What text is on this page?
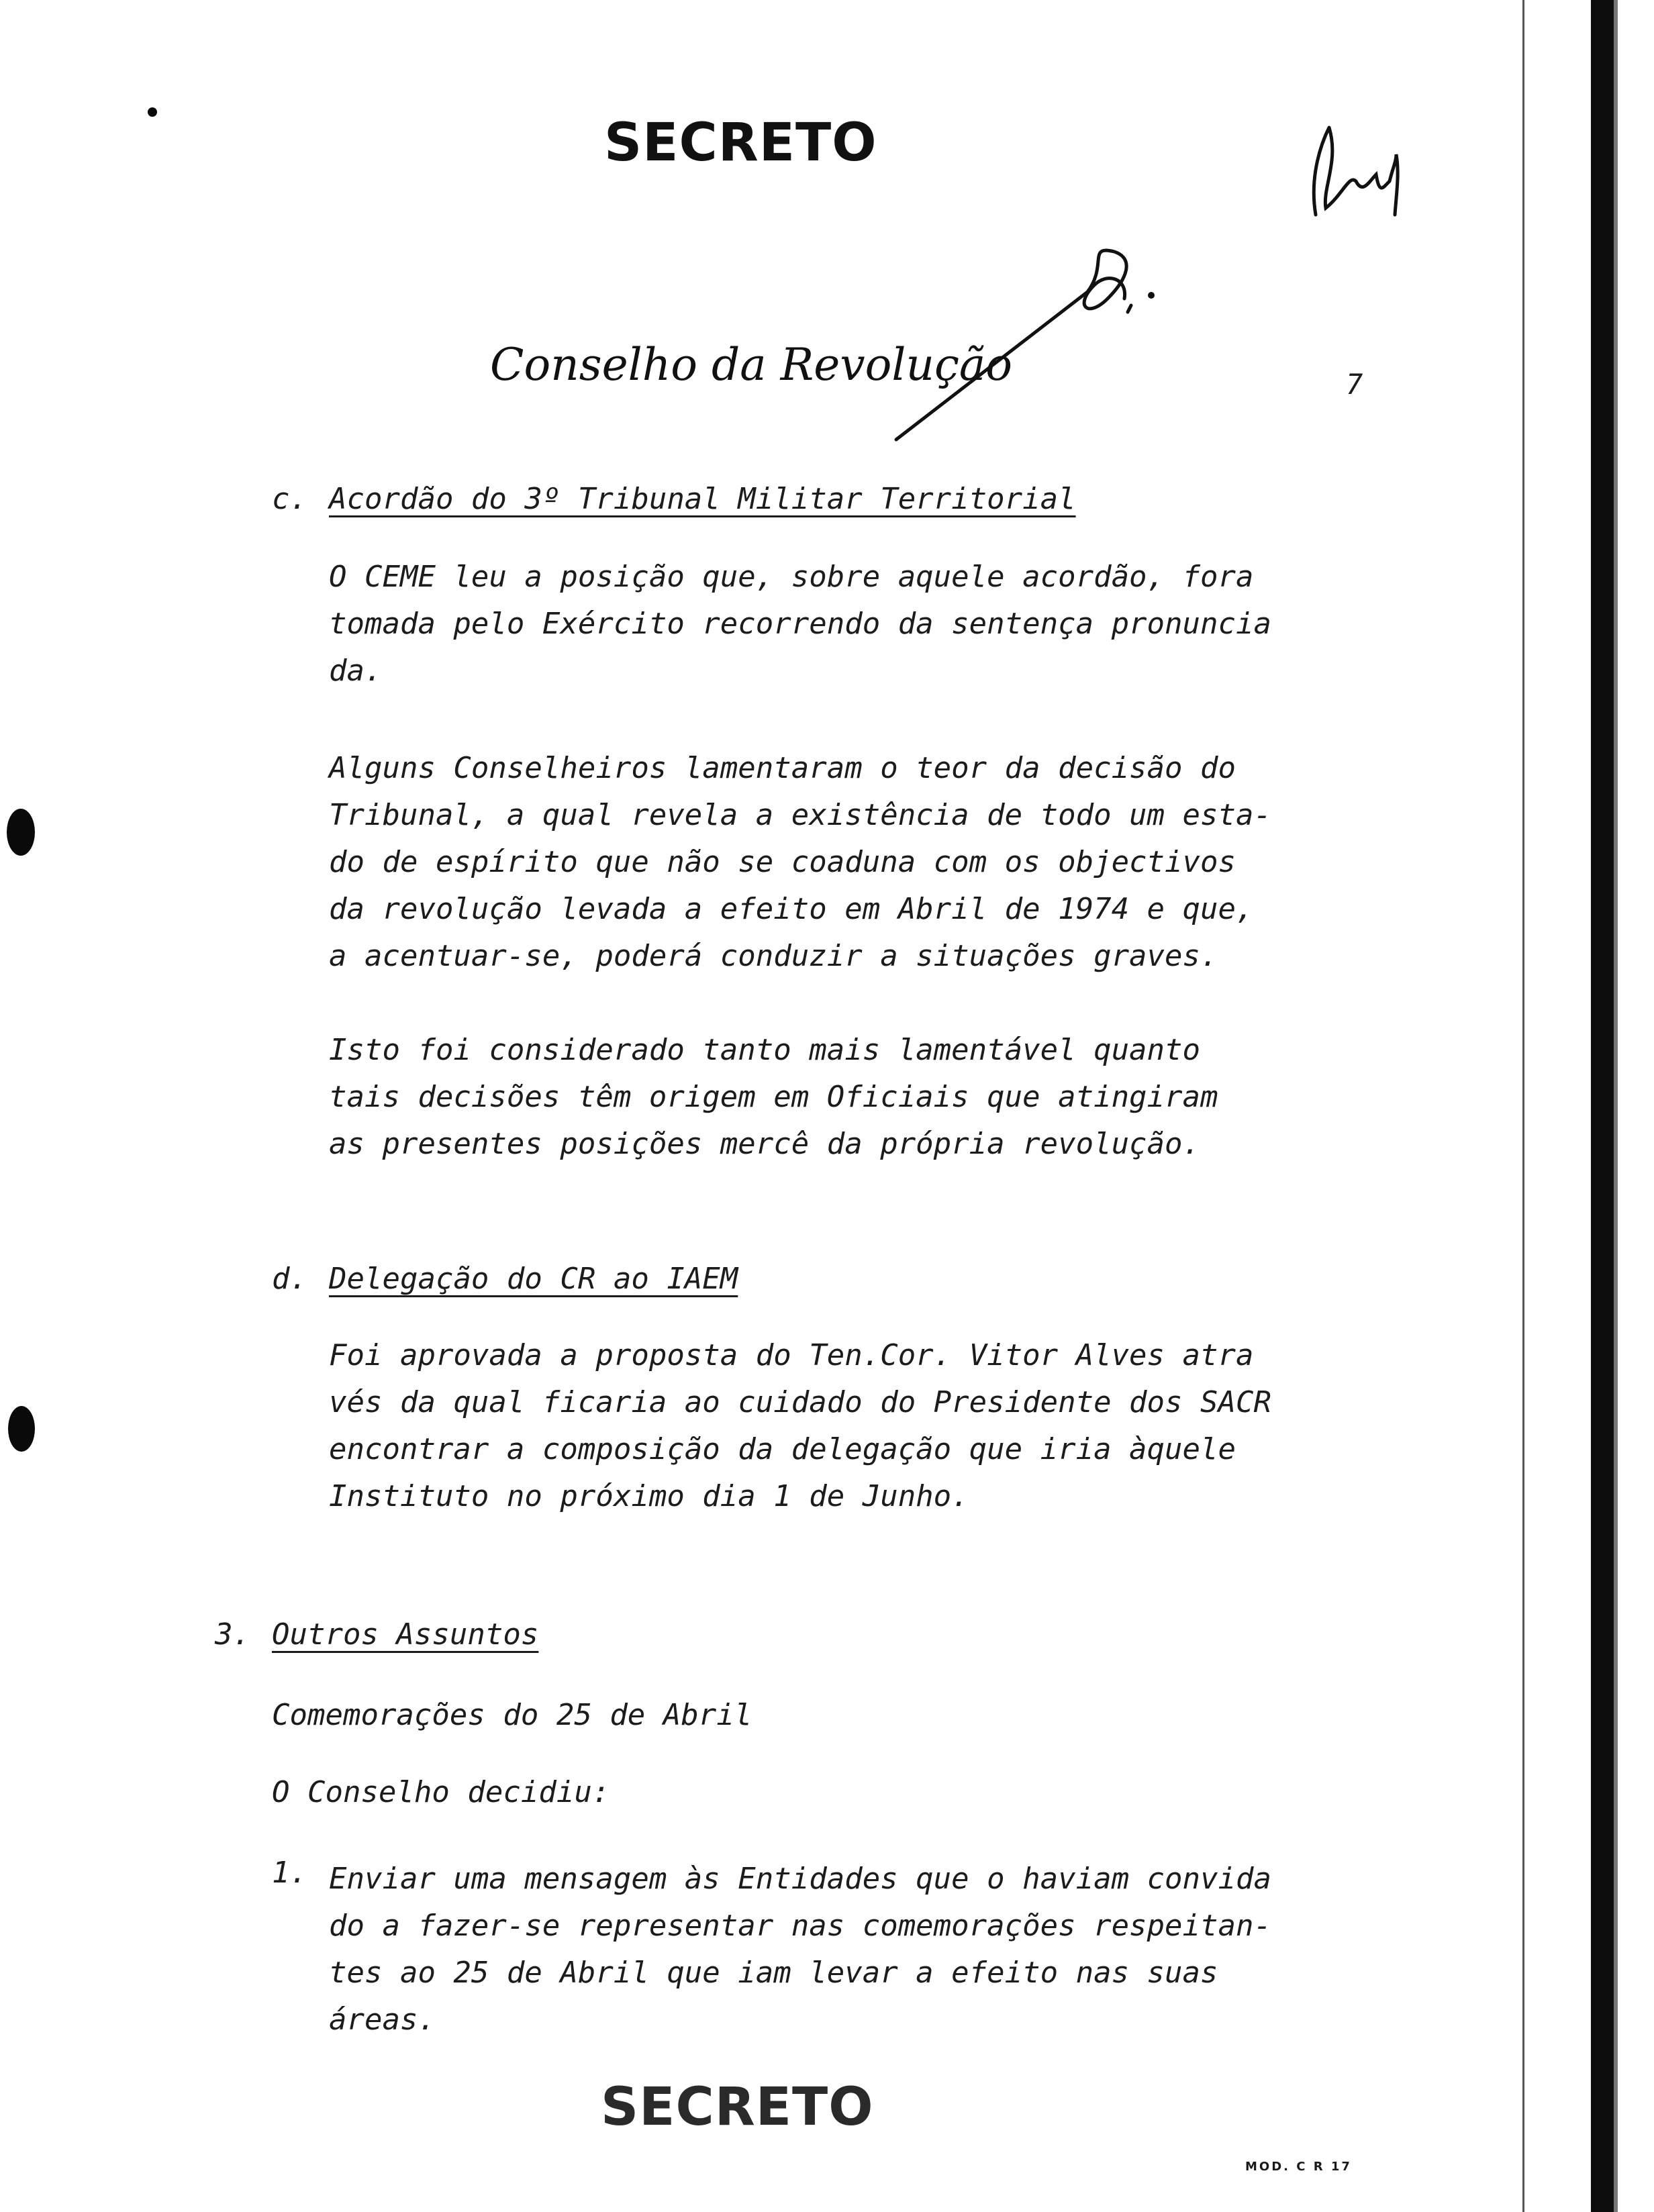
SECRETO
Conselho da Revolução	7
c. Acordão do 3º Tribunal Militar Territorial
O CEME leu a posição que, sobre aquele acordão, fora
tomada pelo Exército recorrendo da sentença pronuncia
da.
Alguns Conselheiros lamentaram o teor da decisão do
Tribunal, a qual revela a existência de todo um esta-
do de espírito que não se coaduna com os objectivos
da revolução levada a efeito em Abril de 1974 e que,
a acentuar-se, poderá conduzir a situações graves.
Isto foi considerado tanto mais lamentável quanto
tais decisões têm origem em Oficiais que atingiram
as presentes posições mercê da própria revolução.
d. Delegação do CR ao IAEM
Foi aprovada a proposta do Ten.Cor. Vitor Alves atra
vés da qual ficaria ao cuidado do Presidente dos SACR
encontrar a composição da delegação que iria àquele
Instituto no próximo dia 1 de Junho.
3. Outros Assuntos
Comemorações do 25 de Abril
O Conselho decidiu:
1. Enviar uma mensagem às Entidades que o haviam convida
do a fazer-se representar nas comemorações respeitan-
tes ao 25 de Abril que iam levar a efeito nas suas
áreas.
SECRETO
MOD. C R 17
